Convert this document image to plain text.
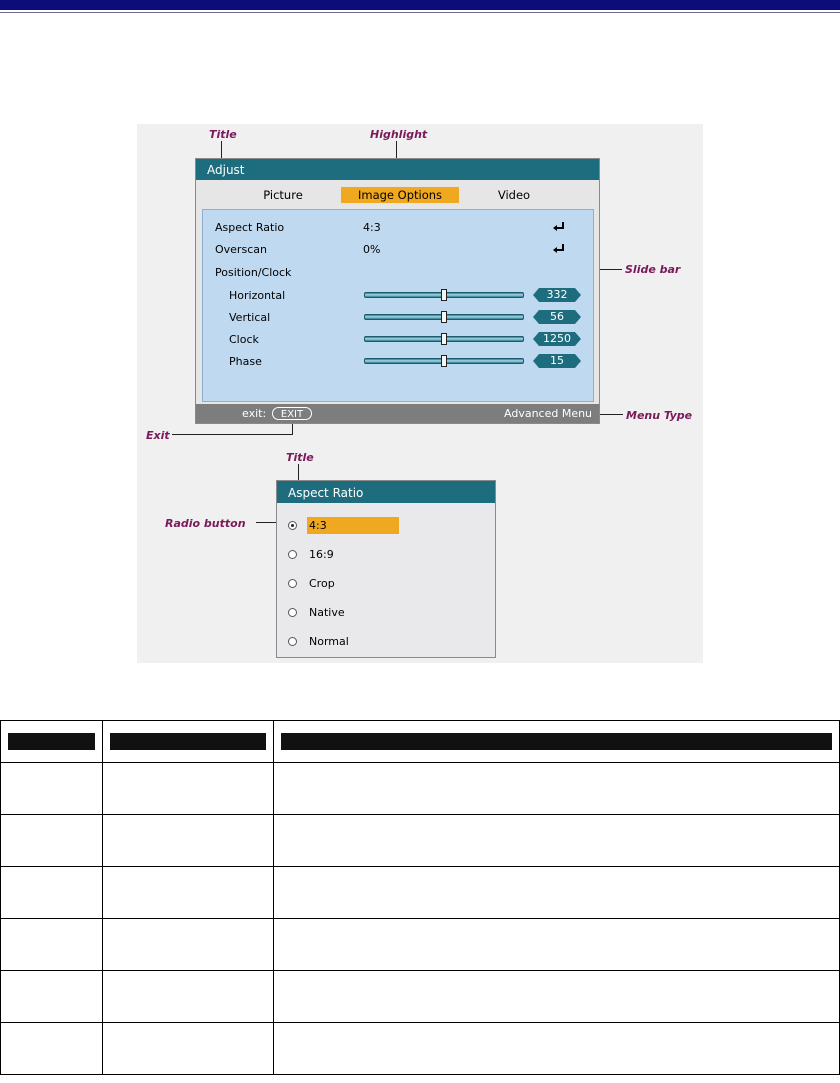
Title	Highlight
Slide bar
Menu Type
Exit
Title
Radio button
Adjust
Picture	Image Options	Video
Aspect Ratio	4:3
Overscan	0%
Position/Clock
Horizontal	332
Vertical	56
Clock	1250
Phase	15
exit:	EXIT	Advanced Menu
Aspect Ratio
4:3
16:9
Crop
Native
Normal
